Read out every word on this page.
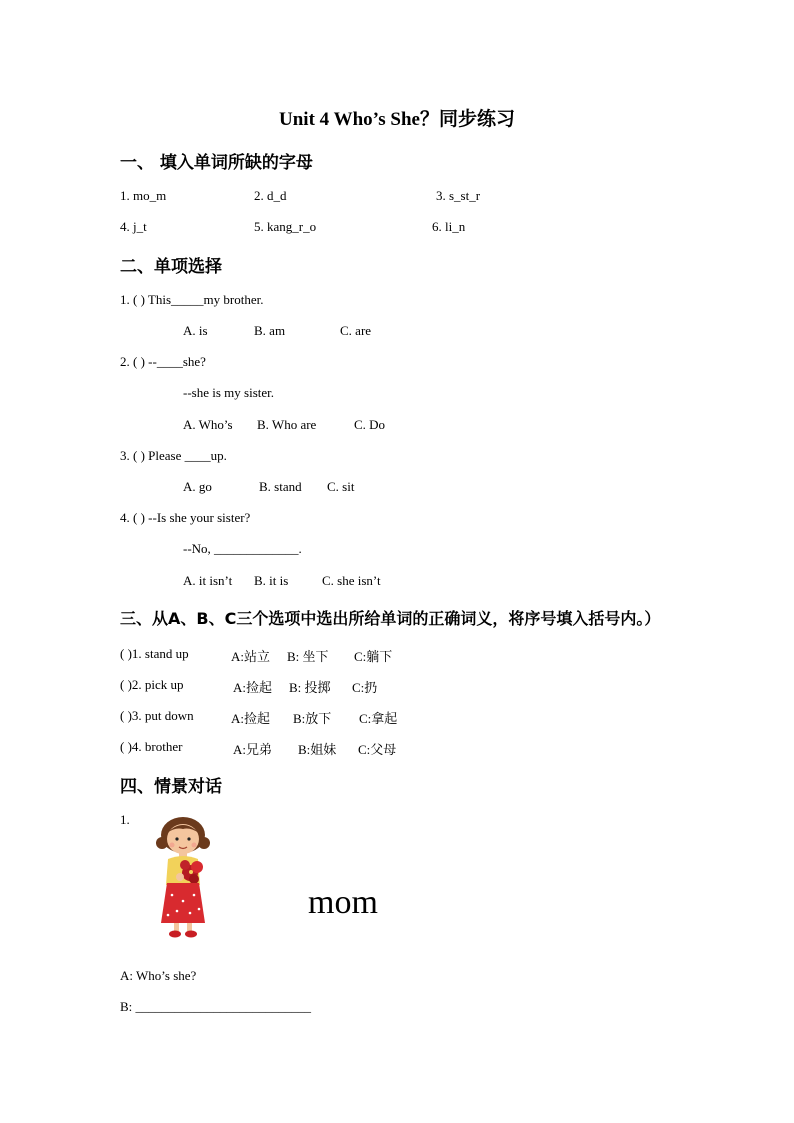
Unit 4 Who’s She？同步练习
一、 填入单词所缺的字母
1. mo_m	2. d_d	3. s_st_r
4. j_t	5. kang_r_o	6. li_n
二、单项选择
1. ( ) This_____my brother.
A. is	B. am	C. are
2. ( ) --____she?
--she is my sister.
A. Who’s B. Who are	C. Do
3. ( ) Please ____up.
A. go	B. stand C. sit
4. ( ) --Is she your sister?
--No, _____________.
A. it isn’t B. it is	C. she isn’t
三、从A、B、C三个选项中选出所给单词的正确词义，将序号填入括号内。）
( )1. stand up	A:站立 B: 坐下 C:躺下
( )2. pick up	A:捡起 B: 投掷 C:扔
( )3. put down	A:捡起 B:放下 C:拿起
( )4. brother	A:兄弟 B:姐妹 C:父母
四、情景对话
1.
mom
A: Who’s she?
B: ___________________________
